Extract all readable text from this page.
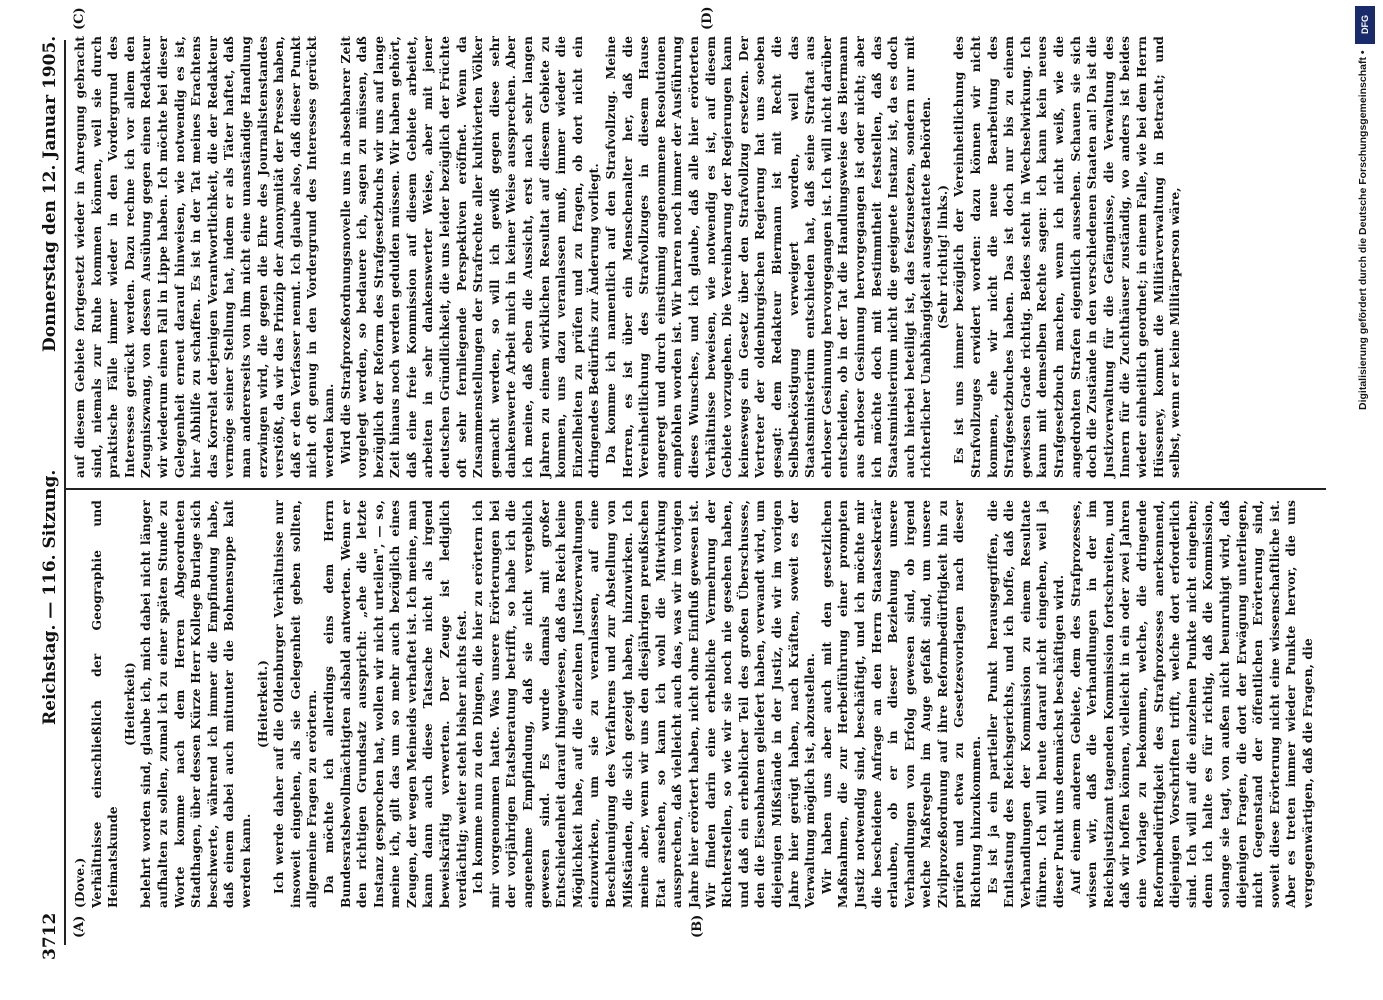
3712
Reichstag. — 116. Sitzung.
Donnerstag den 12. Januar 1905.
(A)	(B)
(C)	(D)

(Dove.) Verhältnisse einschließlich der Geographie und Heimatskunde

(Heiterkeit) belehrt worden sind, glaube ich, mich dabei nicht länger aufhalten zu sollen, zumal ich zu einer späten Stunde zu Worte komme nach dem Herren Abgeordneten Stadthagen, über dessen Kürze Herr Kollege Burlage sich beschwerte, während ich immer die Empfindung habe, daß einem dabei auch mitunter die Bohnensuppe kalt werden kann.

(Heiterkeit.) Ich werde daher auf die Oldenburger Verhältnisse nur insoweit eingehen, als sie Gelegenheit geben sollten, allgemeine Fragen zu erörtern. Da möchte ich allerdings eins dem Herrn Bundesratsbevollmächtigten alsbald antworten. Wenn er den richtigen Grundsatz ausspricht: „ehe die letzte Instanz gesprochen hat, wollen wir nicht urteilen", — so, meine ich, gilt das um so mehr auch bezüglich eines Zeugen, der wegen Meineids verhaftet ist. Ich meine, man kann dann auch diese Tatsache nicht als irgend beweiskräftig verwerten. Der Zeuge ist lediglich verdächtig; weiter steht bisher nichts fest. Ich komme nun zu den Dingen, die hier zu erörtern ich mir vorgenommen hatte. Was unsere Erörterungen bei der vorjährigen Etatsberatung betrifft, so habe ich die angenehme Empfindung, daß sie nicht vergeblich gewesen sind. Es wurde damals mit großer Entschiedenheit darauf hingewiesen, daß das Reich keine Möglichkeit habe, auf die einzelnen Justizverwaltungen einzuwirken, um sie zu veranlassen, auf eine Beschleunigung des Verfahrens und zur Abstellung von Mißständen, die sich gezeigt haben, hinzuwirken. Ich meine aber, wenn wir uns den diesjährigen preußischen Etat ansehen, so kann ich wohl die Mitwirkung aussprechen, daß vielleicht auch das, was wir im vorigen Jahre hier erörtert haben, nicht ohne Einfluß gewesen ist. Wir finden darin eine erhebliche Vermehrung der Richterstellen, so wie wir sie noch nie gesehen haben, und daß ein erheblicher Teil des großen Überschusses, den die Eisenbahnen geliefert haben, verwandt wird, um diejenigen Mißstände in der Justiz, die wir im vorigen Jahre hier gerügt haben, nach Kräften, soweit es der Verwaltung möglich ist, abzustellen. Wir haben uns aber auch mit den gesetzlichen Maßnahmen, die zur Herbeiführung einer prompten Justiz notwendig sind, beschäftigt, und ich möchte mir die bescheidene Anfrage an den Herrn Staatssekretär erlauben, ob er in dieser Beziehung unsere Verhandlungen von Erfolg gewesen sind, ob irgend welche Maßregeln im Auge gefaßt sind, um unsere Zivilprozeßordnung auf ihre Reformbedürftigkeit hin zu prüfen und etwa zu Gesetzesvorlagen nach dieser Richtung hinzukommen. Es ist ja ein partieller Punkt herausgegriffen, die Entlastung des Reichsgerichts, und ich hoffe, daß die Verhandlungen der Kommission zu einem Resultate führen. Ich will heute darauf nicht eingehen, weil ja dieser Punkt uns demnächst beschäftigen wird. Auf einem anderen Gebiete, dem des Strafprozesses, wissen wir, daß die Verhandlungen in der im Reichsjustizamt tagenden Kommission fortschreiten, und daß wir hoffen können, vielleicht in ein oder zwei Jahren eine Vorlage zu bekommen, welche, die dringende Reformbedürftigkeit des Strafprozesses anerkennend, diejenigen Vorschriften trifft, welche dort erforderlich sind. Ich will auf die einzelnen Punkte nicht eingehen; denn ich halte es für richtig, daß die Kommission, solange sie tagt, von außen nicht beunruhigt wird, daß diejenigen Fragen, die dort der Erwägung unterliegen, nicht Gegenstand der öffentlichen Erörterung sind, soweit diese Erörterung nicht eine wissenschaftliche ist. Aber es treten immer wieder Punkte hervor, die uns vergegenwärtigen, daß die Fragen, die

auf diesem Gebiete fortgesetzt wieder in Anregung gebracht sind, niemals zur Ruhe kommen können, weil sie durch praktische Fälle immer wieder in den Vordergrund des Interesses gerückt werden. Dazu rechne ich vor allem den Zeugniszwang, von dessen Ausübung gegen einen Redakteur wir wiederum einen Fall in Lippe haben. Ich möchte bei dieser Gelegenheit erneut darauf hinweisen, wie notwendig es ist, hier Abhilfe zu schaffen. Es ist in der Tat meines Erachtens das Korrelat derjenigen Verantwortlichkeit, die der Redakteur vermöge seiner Stellung hat, indem er als Täter haftet, daß man andererseits von ihm nicht eine unanständige Handlung erzwingen wird, die gegen die Ehre des Journalistenstandes verstößt, da wir das Prinzip der Anonymität der Presse haben, daß er den Verfasser nennt. Ich glaube also, daß dieser Punkt nicht oft genug in den Vordergrund des Interesses gerückt werden kann. Wird die Strafprozeßordnungsnovelle uns in absehbarer Zeit vorgelegt werden, so bedauere ich, sagen zu müssen, daß bezüglich der Reform des Strafgesetzbuchs wir uns auf lange Zeit hinaus noch werden gedulden müssen. Wir haben gehört, daß eine freie Kommission auf diesem Gebiete arbeitet, arbeiten in sehr dankenswerter Weise, aber mit jener deutschen Gründlichkeit, die uns leider bezüglich der Früchte oft sehr fernliegende Perspektiven eröffnet. Wenn da Zusammenstellungen der Strafrechte aller kultivierten Völker gemacht werden, so will ich gewiß gegen diese sehr dankenswerte Arbeit mich in keiner Weise aussprechen. Aber ich meine, daß eben die Aussicht, erst nach sehr langen Jahren zu einem wirklichen Resultat auf diesem Gebiete zu kommen, uns dazu veranlassen muß, immer wieder die Einzelheiten zu prüfen und zu fragen, ob dort nicht ein dringendes Bedürfnis zur Änderung vorliegt. Da komme ich namentlich auf den Strafvollzug. Meine Herren, es ist über ein Menschenalter her, daß die Vereinheitlichung des Strafvollzuges in diesem Hause angeregt und durch einstimmig angenommene Resolutionen empfohlen worden ist. Wir harren noch immer der Ausführung dieses Wunsches, und ich glaube, daß alle hier erörterten Verhältnisse beweisen, wie notwendig es ist, auf diesem Gebiete vorzugehen. Die Vereinbarung der Regierungen kann keineswegs ein Gesetz über den Strafvollzug ersetzen. Der Vertreter der oldenburgischen Regierung hat uns soeben gesagt: dem Redakteur Biermann ist mit Recht die Selbstbeköstigung verweigert worden, weil das Staatsministerium entschieden hat, daß seine Straftat aus ehrloser Gesinnung hervorgegangen ist. Ich will nicht darüber entscheiden, ob in der Tat die Handlungsweise des Biermann aus ehrloser Gesinnung hervorgegangen ist oder nicht; aber ich möchte doch mit Bestimmtheit feststellen, daß das Staatsministerium nicht die geeignete Instanz ist, da es doch auch hierbei beteiligt ist, das festzusetzen, sondern nur mit richterlicher Unabhängigkeit ausgestattete Behörden. (Sehr richtig! links.) Es ist uns immer bezüglich der Vereinheitlichung des Strafvollzuges erwidert worden: dazu können wir nicht kommen, ehe wir nicht die neue Bearbeitung des Strafgesetzbuches haben. Das ist doch nur bis zu einem gewissen Grade richtig. Beides steht in Wechselwirkung. Ich kann mit demselben Rechte sagen: ich kann kein neues Strafgesetzbuch machen, wenn ich nicht weiß, wie die angedrohten Strafen eigentlich aussehen. Schauen sie sich doch die Zustände in den verschiedenen Staaten an! Da ist die Justizverwaltung für die Gefängnisse, die Verwaltung des Innern für die Zuchthäuser zuständig, wo anders ist beides wieder einheitlich geordnet; in einem Falle, wie bei dem Herrn Hüsseney, kommt die Militärverwaltung in Betracht; und selbst, wenn er keine Militärperson wäre,

DFG
Digitalisierung gefördert durch die Deutsche Forschungsgemeinschaft •
